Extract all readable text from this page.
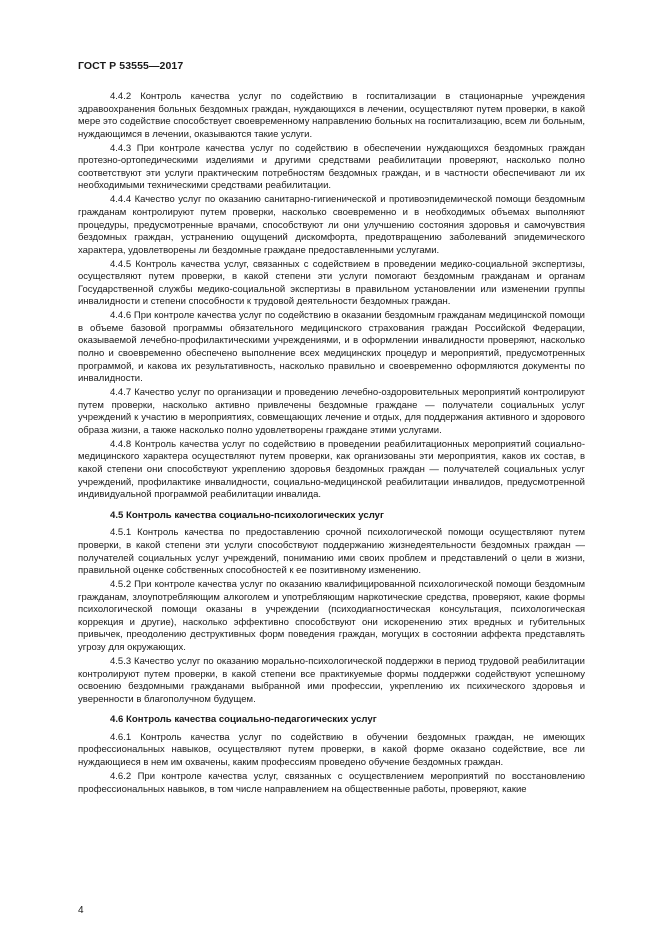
ГОСТ Р 53555—2017

4.4.2 Контроль качества услуг по содействию в госпитализации в стационарные учреждения здравоохранения больных бездомных граждан, нуждающихся в лечении, осуществляют путем проверки, в какой мере это содействие способствует своевременному направлению больных на госпитализацию, всем ли больным, нуждающимся в лечении, оказываются такие услуги.

4.4.3 При контроле качества услуг по содействию в обеспечении нуждающихся бездомных граждан протезно-ортопедическими изделиями и другими средствами реабилитации проверяют, насколько полно соответствуют эти услуги практическим потребностям бездомных граждан, и в частности обеспечивают ли их необходимыми техническими средствами реабилитации.

4.4.4 Качество услуг по оказанию санитарно-гигиенической и противоэпидемической помощи бездомным гражданам контролируют путем проверки, насколько своевременно и в необходимых объемах выполняют процедуры, предусмотренные врачами, способствуют ли они улучшению состояния здоровья и самочувствия бездомных граждан, устранению ощущений дискомфорта, предотвращению заболеваний эпидемического характера, удовлетворены ли бездомные граждане предоставленными услугами.

4.4.5 Контроль качества услуг, связанных с содействием в проведении медико-социальной экспертизы, осуществляют путем проверки, в какой степени эти услуги помогают бездомным гражданам и органам Государственной службы медико-социальной экспертизы в правильном установлении или изменении группы инвалидности и степени способности к трудовой деятельности бездомных граждан.

4.4.6 При контроле качества услуг по содействию в оказании бездомным гражданам медицинской помощи в объеме базовой программы обязательного медицинского страхования граждан Российской Федерации, оказываемой лечебно-профилактическими учреждениями, и в оформлении инвалидности проверяют, насколько полно и своевременно обеспечено выполнение всех медицинских процедур и мероприятий, предусмотренных программой, и какова их результативность, насколько правильно и своевременно оформляются документы по инвалидности.

4.4.7 Качество услуг по организации и проведению лечебно-оздоровительных мероприятий контролируют путем проверки, насколько активно привлечены бездомные граждане — получатели социальных услуг учреждений к участию в мероприятиях, совмещающих лечение и отдых, для поддержания активного и здорового образа жизни, а также насколько полно удовлетворены граждане этими услугами.

4.4.8 Контроль качества услуг по содействию в проведении реабилитационных мероприятий социально-медицинского характера осуществляют путем проверки, как организованы эти мероприятия, каков их состав, в какой степени они способствуют укреплению здоровья бездомных граждан — получателей социальных услуг учреждений, профилактике инвалидности, социально-медицинской реабилитации инвалидов, предусмотренной индивидуальной программой реабилитации инвалида.

4.5 Контроль качества социально-психологических услуг

4.5.1 Контроль качества по предоставлению срочной психологической помощи осуществляют путем проверки, в какой степени эти услуги способствуют поддержанию жизнедеятельности бездомных граждан — получателей социальных услуг учреждений, пониманию ими своих проблем и представлений о цели в жизни, правильной оценке собственных способностей к ее позитивному изменению.

4.5.2 При контроле качества услуг по оказанию квалифицированной психологической помощи бездомным гражданам, злоупотребляющим алкоголем и употребляющим наркотические средства, проверяют, какие формы психологической помощи оказаны в учреждении (психодиагностическая консультация, психологическая коррекция и другие), насколько эффективно способствуют они искоренению этих вредных и губительных привычек, преодолению деструктивных форм поведения граждан, могущих в состоянии аффекта представлять угрозу для окружающих.

4.5.3 Качество услуг по оказанию морально-психологической поддержки в период трудовой реабилитации контролируют путем проверки, в какой степени все практикуемые формы поддержки содействуют успешному освоению бездомными гражданами выбранной ими профессии, укреплению их психического здоровья и уверенности в благополучном будущем.

4.6 Контроль качества социально-педагогических услуг

4.6.1 Контроль качества услуг по содействию в обучении бездомных граждан, не имеющих профессиональных навыков, осуществляют путем проверки, в какой форме оказано содействие, все ли нуждающиеся в нем им охвачены, каким профессиям проведено обучение бездомных граждан.

4.6.2 При контроле качества услуг, связанных с осуществлением мероприятий по восстановлению профессиональных навыков, в том числе направлением на общественные работы, проверяют, какие

4
